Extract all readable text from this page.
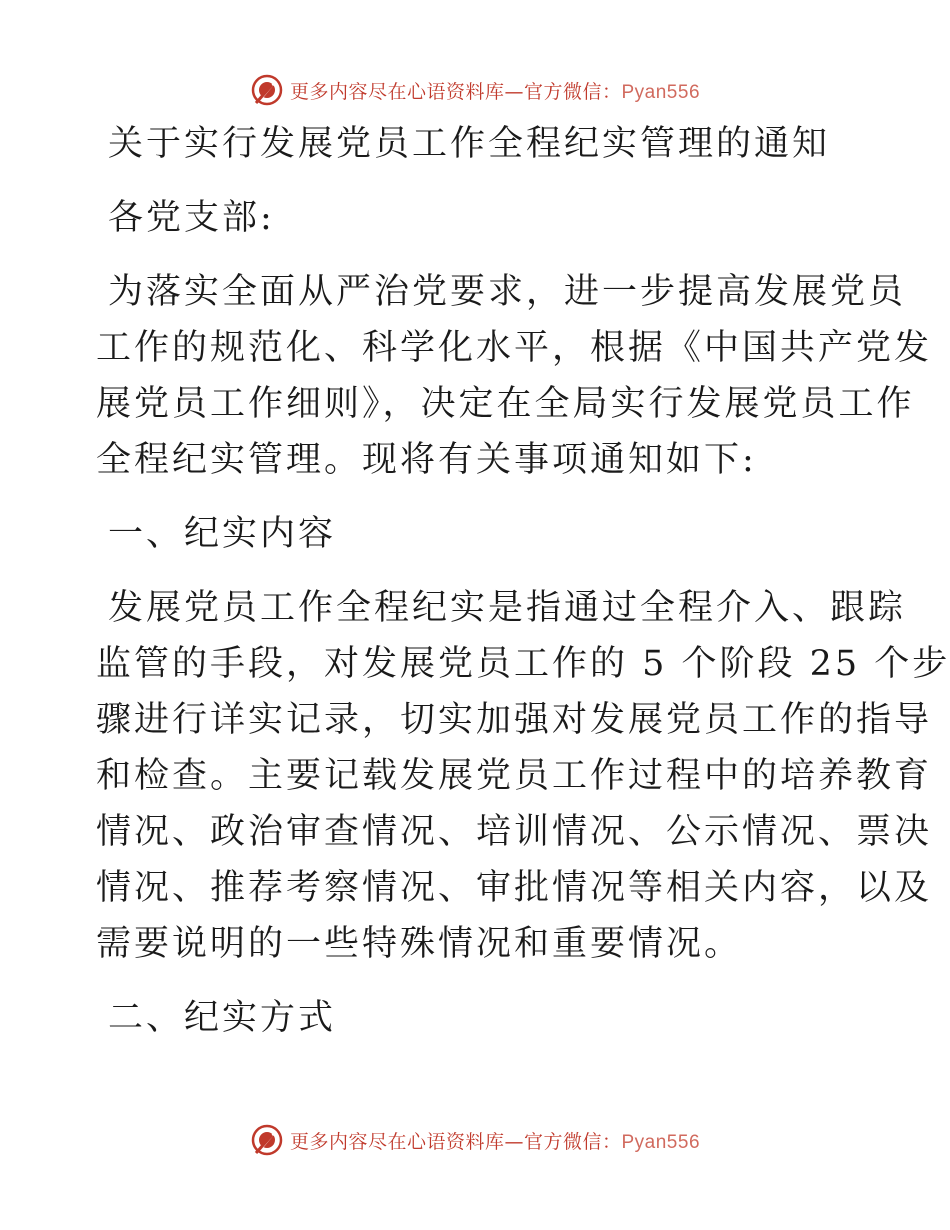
更多内容尽在心语资料库—官方微信：Pyan556
关于实行发展党员工作全程纪实管理的通知
各党支部:
为落实全面从严治党要求，进一步提高发展党员
工作的规范化、科学化水平，根据《中国共产党发
展党员工作细则》，决定在全局实行发展党员工作
全程纪实管理。现将有关事项通知如下:
一、纪实内容
发展党员工作全程纪实是指通过全程介入、跟踪
监管的手段，对发展党员工作的 5 个阶段 25 个步
骤进行详实记录，切实加强对发展党员工作的指导
和检查。主要记载发展党员工作过程中的培养教育
情况、政治审查情况、培训情况、公示情况、票决
情况、推荐考察情况、审批情况等相关内容，以及
需要说明的一些特殊情况和重要情况。
二、纪实方式
更多内容尽在心语资料库—官方微信：Pyan556
